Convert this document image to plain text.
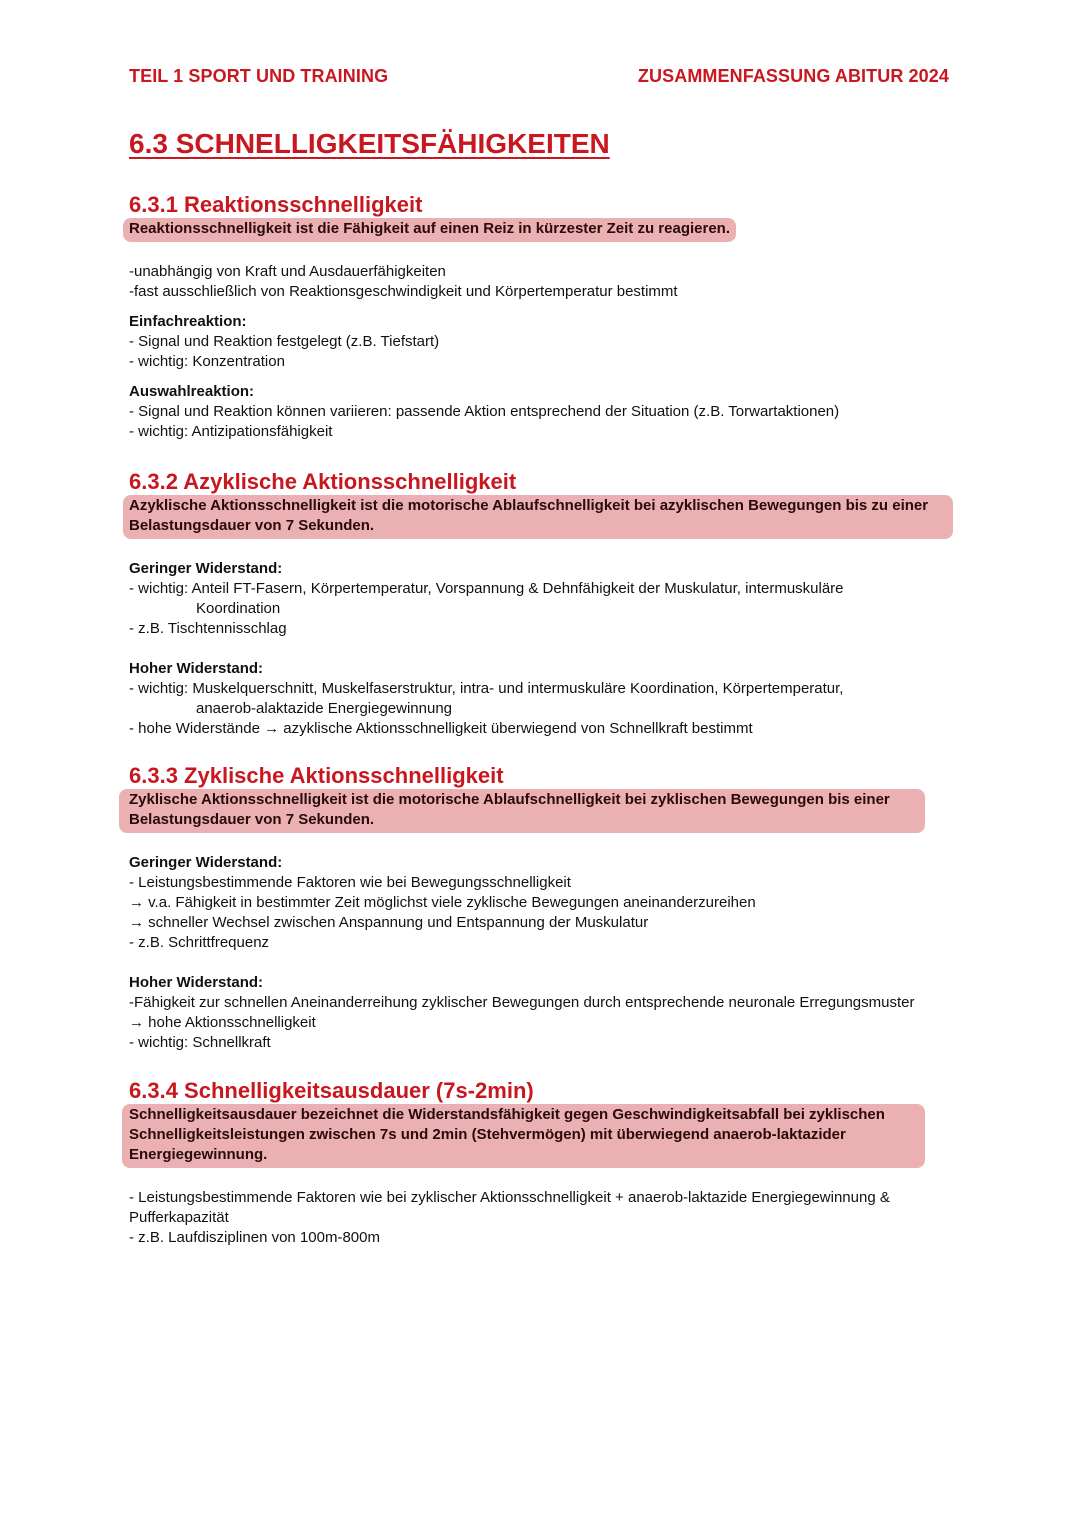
TEIL 1 SPORT UND TRAINING	ZUSAMMENFASSUNG ABITUR 2024
6.3 SCHNELLIGKEITSFÄHIGKEITEN
6.3.1 Reaktionsschnelligkeit
Reaktionsschnelligkeit ist die Fähigkeit auf einen Reiz in kürzester Zeit zu reagieren.
-unabhängig von Kraft und Ausdauerfähigkeiten
-fast ausschließlich von Reaktionsgeschwindigkeit und Körpertemperatur bestimmt
Einfachreaktion:
- Signal und Reaktion festgelegt (z.B. Tiefstart)
- wichtig: Konzentration
Auswahlreaktion:
- Signal und Reaktion können variieren: passende Aktion entsprechend der Situation (z.B. Torwartaktionen)
- wichtig: Antizipationsfähigkeit
6.3.2 Azyklische Aktionsschnelligkeit
Azyklische Aktionsschnelligkeit ist die motorische Ablaufschnelligkeit bei azyklischen Bewegungen bis zu einer
Belastungsdauer von 7 Sekunden.
Geringer Widerstand:
- wichtig: Anteil FT-Fasern, Körpertemperatur, Vorspannung & Dehnfähigkeit der Muskulatur, intermuskuläre
Koordination
- z.B. Tischtennisschlag
Hoher Widerstand:
- wichtig: Muskelquerschnitt, Muskelfaserstruktur, intra- und intermuskuläre Koordination, Körpertemperatur,
anaerob-alaktazide Energiegewinnung
- hohe Widerstände → azyklische Aktionsschnelligkeit überwiegend von Schnellkraft bestimmt
6.3.3 Zyklische Aktionsschnelligkeit
Zyklische Aktionsschnelligkeit ist die motorische Ablaufschnelligkeit bei zyklischen Bewegungen bis einer
Belastungsdauer von 7 Sekunden.
Geringer Widerstand:
- Leistungsbestimmende Faktoren wie bei Bewegungsschnelligkeit
→ v.a. Fähigkeit in bestimmter Zeit möglichst viele zyklische Bewegungen aneinanderzureihen
→ schneller Wechsel zwischen Anspannung und Entspannung der Muskulatur
- z.B. Schrittfrequenz
Hoher Widerstand:
-Fähigkeit zur schnellen Aneinanderreihung zyklischer Bewegungen durch entsprechende neuronale Erregungsmuster
→ hohe Aktionsschnelligkeit
- wichtig: Schnellkraft
6.3.4 Schnelligkeitsausdauer (7s-2min)
Schnelligkeitsausdauer bezeichnet die Widerstandsfähigkeit gegen Geschwindigkeitsabfall bei zyklischen
Schnelligkeitsleistungen zwischen 7s und 2min (Stehvermögen) mit überwiegend anaerob-laktazider
Energiegewinnung.
- Leistungsbestimmende Faktoren wie bei zyklischer Aktionsschnelligkeit + anaerob-laktazide Energiegewinnung &
Pufferkapazität
- z.B. Laufdisziplinen von 100m-800m
